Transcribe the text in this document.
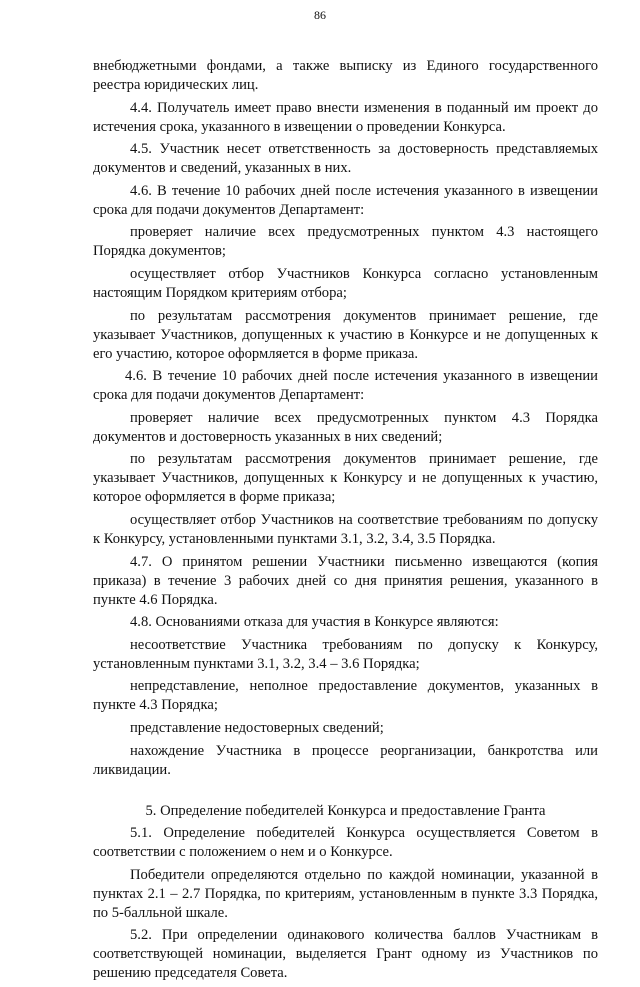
86

внебюджетными фондами, а также выписку из Единого государственного реестра юридических лиц.

4.4. Получатель имеет право внести изменения в поданный им проект до истечения срока, указанного в извещении о проведении Конкурса.

4.5. Участник несет ответственность за достоверность представляемых документов и сведений, указанных в них.

4.6. В течение 10 рабочих дней после истечения указанного в извещении срока для подачи документов Департамент:

проверяет наличие всех предусмотренных пунктом 4.3 настоящего Порядка документов;

осуществляет отбор Участников Конкурса согласно установленным настоящим Порядком критериям отбора;

по результатам рассмотрения документов принимает решение, где указывает Участников, допущенных к участию в Конкурсе и не допущенных к его участию, которое оформляется в форме приказа.

4.6. В течение 10 рабочих дней после истечения указанного в извещении срока для подачи документов Департамент:

проверяет наличие всех предусмотренных пунктом 4.3 Порядка документов и достоверность указанных в них сведений;

по результатам рассмотрения документов принимает решение, где указывает Участников, допущенных к Конкурсу и не допущенных к участию, которое оформляется в форме приказа;

осуществляет отбор Участников на соответствие требованиям по допуску к Конкурсу, установленными пунктами 3.1, 3.2, 3.4, 3.5 Порядка.

4.7. О принятом решении Участники письменно извещаются (копия приказа) в течение 3 рабочих дней со дня принятия решения, указанного в пункте 4.6 Порядка.

4.8. Основаниями отказа для участия в Конкурсе являются:

несоответствие Участника требованиям по допуску к Конкурсу, установленным пунктами 3.1, 3.2, 3.4 – 3.6 Порядка;

непредставление, неполное предоставление документов, указанных в пункте 4.3 Порядка;

представление недостоверных сведений;

нахождение Участника в процессе реорганизации, банкротства или ликвидации.

5. Определение победителей Конкурса и предоставление Гранта

5.1. Определение победителей Конкурса осуществляется Советом в соответствии с положением о нем и о Конкурсе.

Победители определяются отдельно по каждой номинации, указанной в пунктах 2.1 – 2.7 Порядка, по критериям, установленным в пункте 3.3 Порядка, по 5-балльной шкале.

5.2. При определении одинакового количества баллов Участникам в соответствующей номинации, выделяется Грант одному из Участников по решению председателя Совета.
